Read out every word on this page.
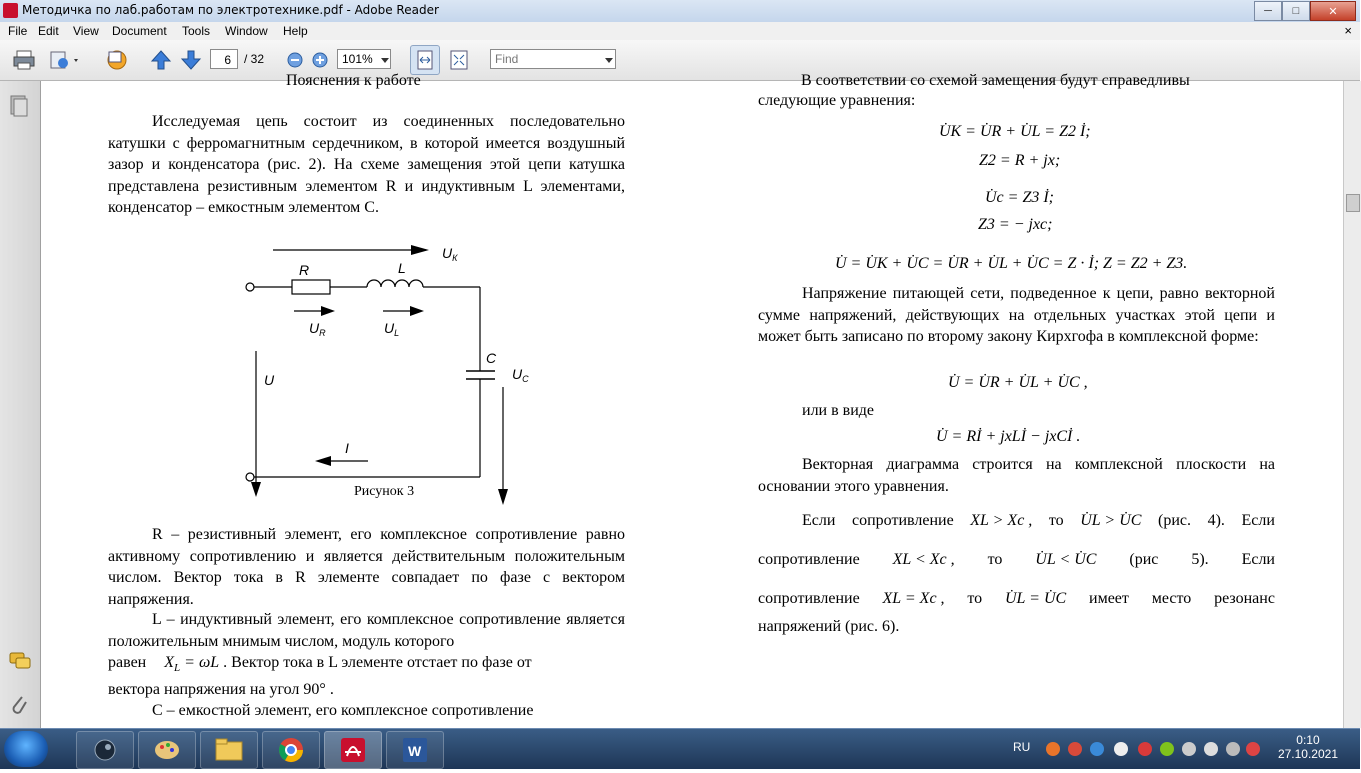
Методичка по лаб.работам по электротехнике.pdf - Adobe Reader	─	□	✕
File Edit View Document Tools Window Help	×
6	/ 32	101%	Find
Пояснения к работе
Исследуемая цепь состоит из соединенных последовательно катушки с ферромагнитным сердечником, в которой имеется воздушный зазор и конденсатора (рис. 2). На схеме замещения этой цепи катушка представлена резистивным элементом R и индуктивным L элементами, конденсатор – емкостным элементом C.
$U_К$
R	L
$U_R$	$U_L$
C
$U_C$
U
I
Рисунок 3
R – резистивный элемент, его комплексное сопротивление равно активному сопротивлению и является действительным положительным числом. Вектор тока в R элементе совпадает по фазе с вектором напряжения.
L – индуктивный элемент, его комплексное сопротивление является положительным мнимым числом, модуль которого
равен $X_L = \omega L$ . Вектор тока в L элементе отстает по фазе от
вектора напряжения на угол 90° .
C – емкостной элемент, его комплексное сопротивление
В соответствии со схемой замещения будут справедливы
следующие уравнения:
U̇К = U̇R + U̇L = Z2 İ;
Z2 = R + jx;
U̇c = Z3 İ;
Z3 = − jxc;
U̇ = U̇К + U̇C = U̇R + U̇L + U̇C = Z · İ; Z = Z2 + Z3.
Напряжение питающей сети, подведенное к цепи, равно векторной сумме напряжений, действующих на отдельных участках этой цепи и может быть записано по второму закону Кирхгофа в комплексной форме:
U̇ = U̇R + U̇L + U̇C ,
или в виде
U̇ = Rİ + jxLİ − jxCİ .
Векторная диаграмма строится на комплексной плоскости на основании этого уравнения.
Если сопротивление XL > Xc , то U̇L > U̇C (рис. 4). Если
сопротивление XL < Xc , то U̇L < U̇C (рис 5). Если
сопротивление XL = Xc , то U̇L = U̇C имеет место резонанс
напряжений (рис. 6).
W	RU	0:10
27.10.2021
